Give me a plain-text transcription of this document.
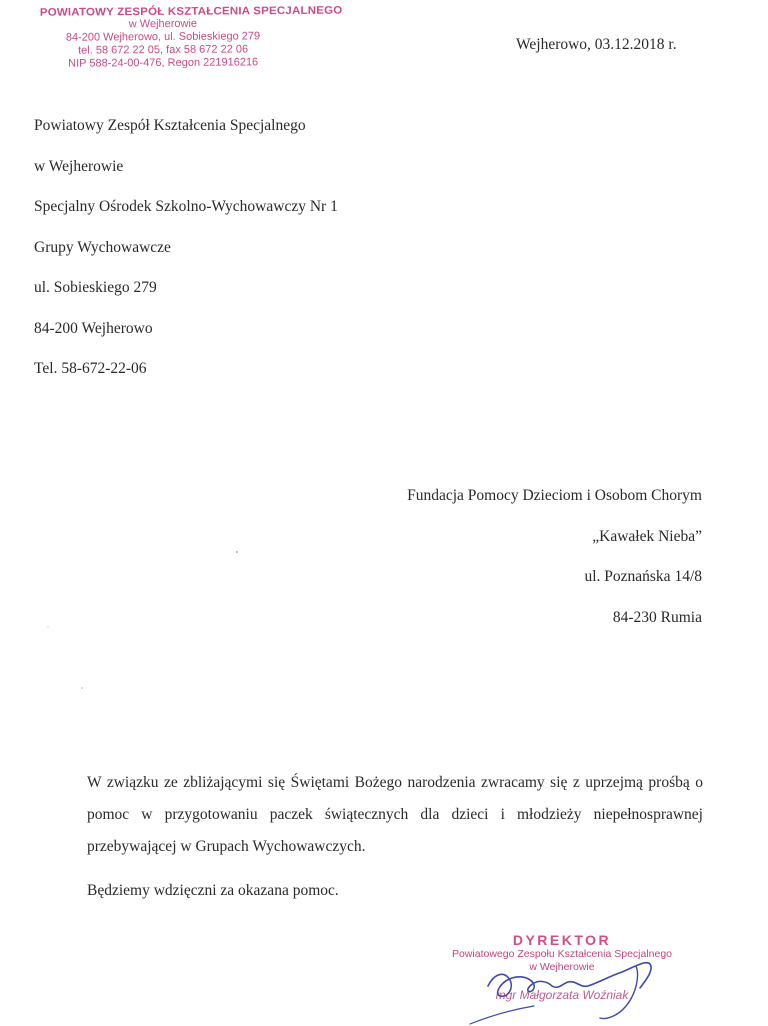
POWIATOWY ZESPÓŁ KSZTAŁCENIA SPECJALNEGO
w Wejherowie
84-200 Wejherowo, ul. Sobieskiego 279
tel. 58 672 22 05, fax 58 672 22 06
NIP 588-24-00-476, Regon 221916216
Wejherowo, 03.12.2018 r.
Powiatowy Zespół Kształcenia Specjalnego
w Wejherowie
Specjalny Ośrodek Szkolno-Wychowawczy Nr 1
Grupy Wychowawcze
ul. Sobieskiego 279
84-200 Wejherowo
Tel. 58-672-22-06
Fundacja Pomocy Dzieciom i Osobom Chorym
„Kawałek Nieba”
ul. Poznańska 14/8
84-230 Rumia
W związku ze zbliżającymi się Świętami Bożego narodzenia zwracamy się z uprzejmą prośbą o pomoc w przygotowaniu paczek świątecznych dla dzieci i młodzieży niepełnosprawnej przebywającej w Grupach Wychowawczych.
Będziemy wdzięczni za okazana pomoc.
DYREKTOR
Powiatowego Zespołu Kształcenia Specjalnego
w Wejherowie
mgr Małgorzata Woźniak
